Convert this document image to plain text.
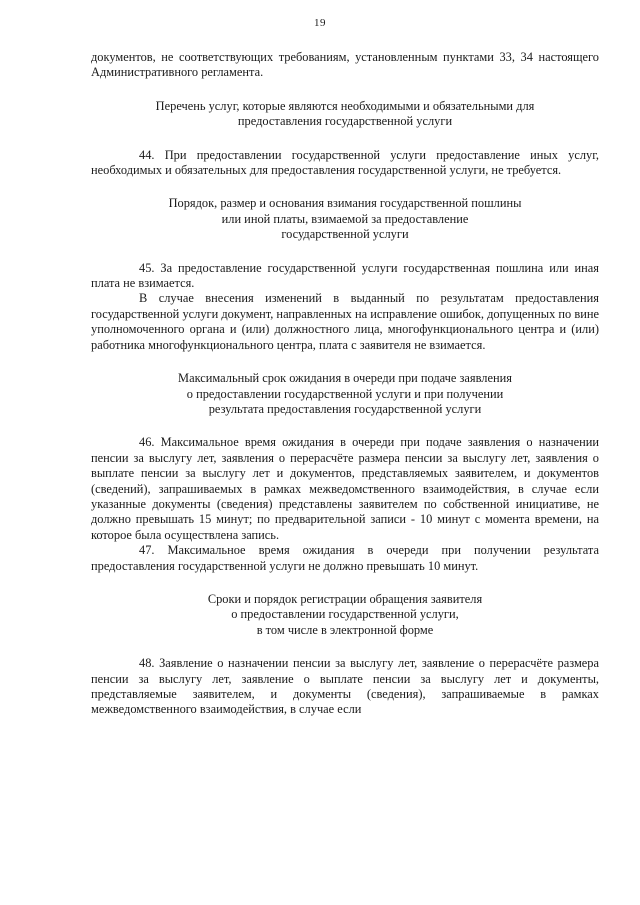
19

документов, не соответствующих требованиям, установленным пунктами 33, 34 настоящего Административного регламента.

Перечень услуг, которые являются необходимыми и обязательными для
предоставления государственной услуги

44. При предоставлении государственной услуги предоставление иных услуг, необходимых и обязательных для предоставления государственной услуги, не требуется.

Порядок, размер и основания взимания государственной пошлины
или иной платы, взимаемой за предоставление
государственной услуги

45. За предоставление государственной услуги государственная пошлина или иная плата не взимается.

В случае внесения изменений в выданный по результатам предоставления государственной услуги документ, направленных на исправление ошибок, допущенных по вине уполномоченного органа и (или) должностного лица, многофункционального центра и (или) работника многофункционального центра, плата с заявителя не взимается.

Максимальный срок ожидания в очереди при подаче заявления
о предоставлении государственной услуги и при получении
результата предоставления государственной услуги

46. Максимальное время ожидания в очереди при подаче заявления о назначении пенсии за выслугу лет, заявления о перерасчёте размера пенсии за выслугу лет, заявления о выплате пенсии за выслугу лет и документов, представляемых заявителем, и документов (сведений), запрашиваемых в рамках межведомственного взаимодействия, в случае если указанные документы (сведения) представлены заявителем по собственной инициативе, не должно превышать 15 минут; по предварительной записи - 10 минут с момента времени, на которое была осуществлена запись.

47. Максимальное время ожидания в очереди при получении результата предоставления государственной услуги не должно превышать 10 минут.

Сроки и порядок регистрации обращения заявителя
о предоставлении государственной услуги,
в том числе в электронной форме

48. Заявление о назначении пенсии за выслугу лет, заявление о перерасчёте размера пенсии за выслугу лет, заявление о выплате пенсии за выслугу лет и документы, представляемые заявителем, и документы (сведения), запрашиваемые в рамках межведомственного взаимодействия, в случае если
